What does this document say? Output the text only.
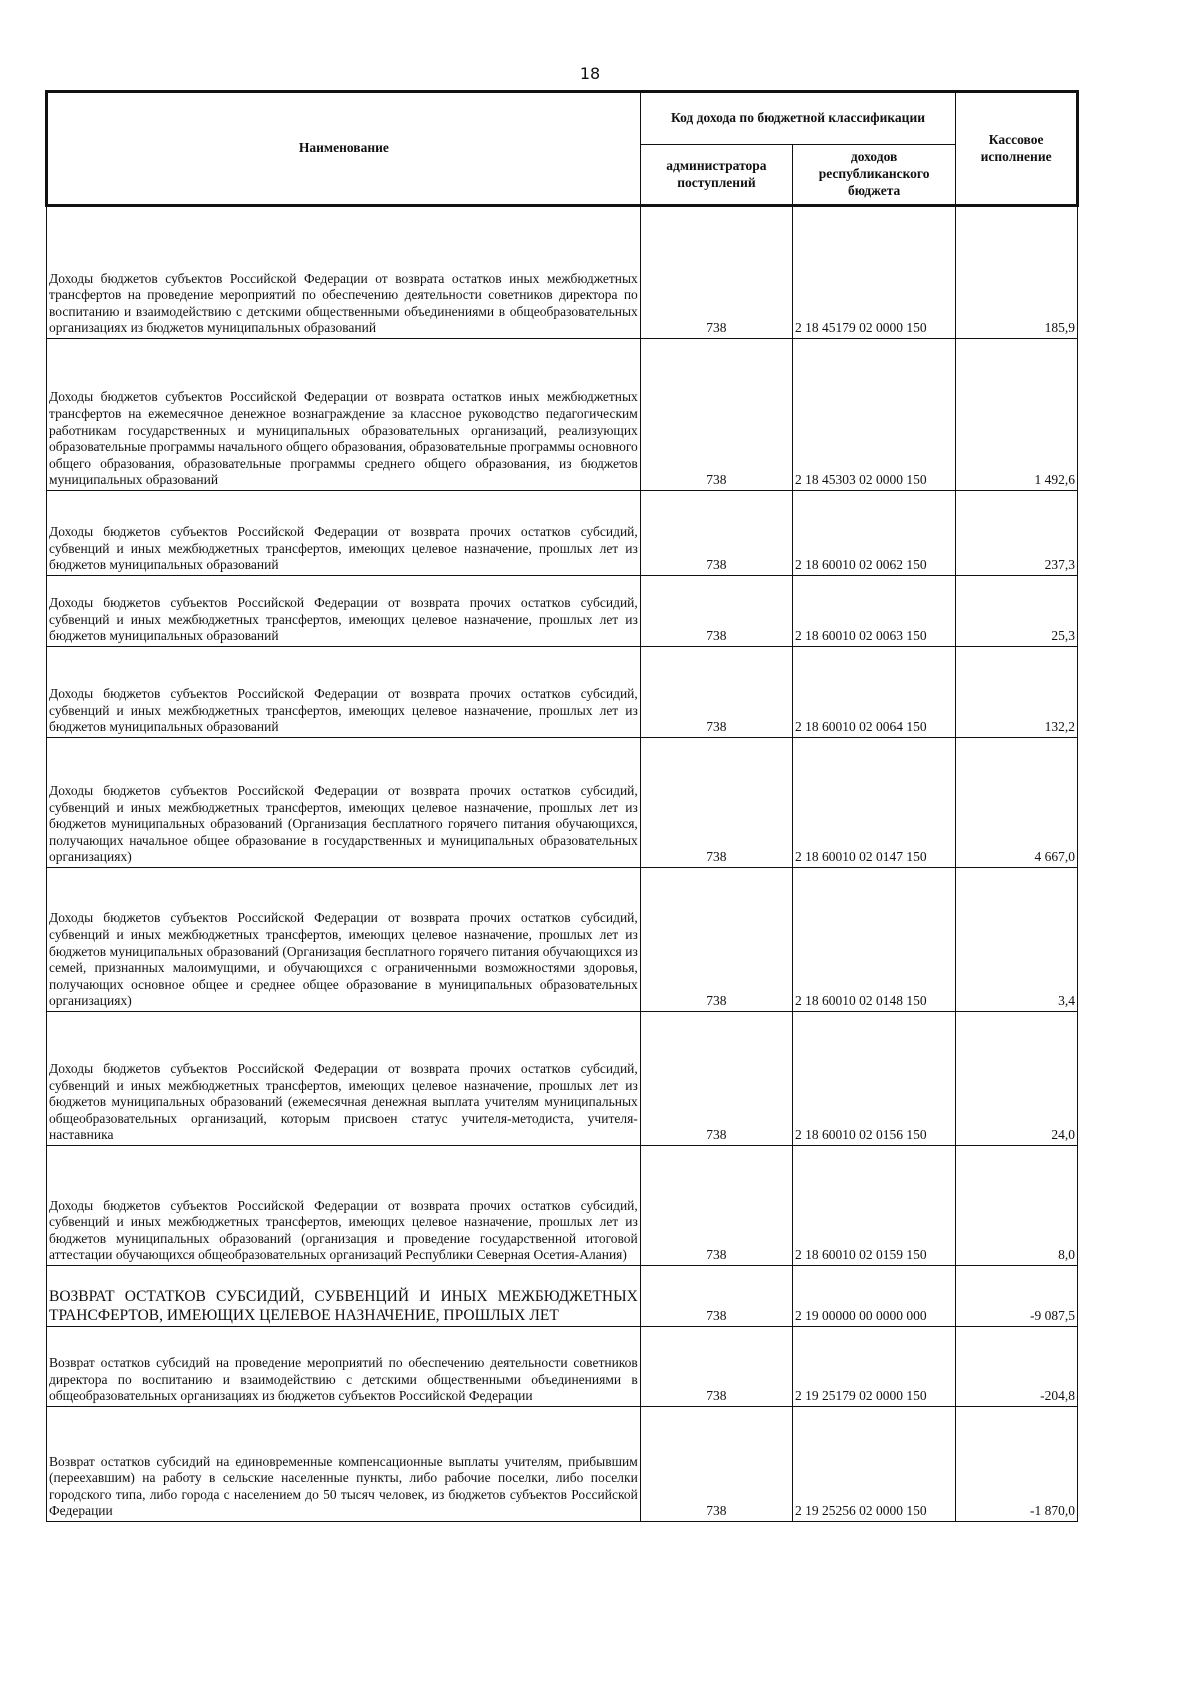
18
Наименование	Код дохода по бюджетной классификации		Кассовое исполнение
	администратора поступлений	доходов республиканского бюджета	
Доходы бюджетов субъектов Российской Федерации от возврата остатков иных межбюджетных трансфертов на проведение мероприятий по обеспечению деятельности советников директора по воспитанию и взаимодействию с детскими общественными объединениями в общеобразовательных организациях из бюджетов муниципальных образований	738	2 18 45179 02 0000 150	185,9
Доходы бюджетов субъектов Российской Федерации от возврата остатков иных межбюджетных трансфертов на ежемесячное денежное вознаграждение за классное руководство педагогическим работникам государственных и муниципальных образовательных организаций, реализующих образовательные программы начального общего образования, образовательные программы основного общего образования, образовательные программы среднего общего образования, из бюджетов муниципальных образований	738	2 18 45303 02 0000 150	1 492,6
Доходы бюджетов субъектов Российской Федерации от возврата прочих остатков субсидий, субвенций и иных межбюджетных трансфертов, имеющих целевое назначение, прошлых лет из бюджетов муниципальных образований	738	2 18 60010 02 0062 150	237,3
Доходы бюджетов субъектов Российской Федерации от возврата прочих остатков субсидий, субвенций и иных межбюджетных трансфертов, имеющих целевое назначение, прошлых лет из бюджетов муниципальных образований	738	2 18 60010 02 0063 150	25,3
Доходы бюджетов субъектов Российской Федерации от возврата прочих остатков субсидий, субвенций и иных межбюджетных трансфертов, имеющих целевое назначение, прошлых лет из бюджетов муниципальных образований	738	2 18 60010 02 0064 150	132,2
Доходы бюджетов субъектов Российской Федерации от возврата прочих остатков субсидий, субвенций и иных межбюджетных трансфертов, имеющих целевое назначение, прошлых лет из бюджетов муниципальных образований (Организация бесплатного горячего питания обучающихся, получающих начальное общее образование в государственных и муниципальных образовательных организациях)	738	2 18 60010 02 0147 150	4 667,0
Доходы бюджетов субъектов Российской Федерации от возврата прочих остатков субсидий, субвенций и иных межбюджетных трансфертов, имеющих целевое назначение, прошлых лет из бюджетов муниципальных образований (Организация бесплатного горячего питания обучающихся из семей, признанных малоимущими, и обучающихся с ограниченными возможностями здоровья, получающих основное общее и среднее общее образование в муниципальных образовательных организациях)	738	2 18 60010 02 0148 150	3,4
Доходы бюджетов субъектов Российской Федерации от возврата прочих остатков субсидий, субвенций и иных межбюджетных трансфертов, имеющих целевое назначение, прошлых лет из бюджетов муниципальных образований (ежемесячная денежная выплата учителям муниципальных общеобразовательных организаций, которым присвоен статус учителя-методиста, учителя-наставника	738	2 18 60010 02 0156 150	24,0
Доходы бюджетов субъектов Российской Федерации от возврата прочих остатков субсидий, субвенций и иных межбюджетных трансфертов, имеющих целевое назначение, прошлых лет из бюджетов муниципальных образований (организация и проведение государственной итоговой аттестации обучающихся общеобразовательных организаций Республики Северная Осетия-Алания)	738	2 18 60010 02 0159 150	8,0
ВОЗВРАТ ОСТАТКОВ СУБСИДИЙ, СУБВЕНЦИЙ И ИНЫХ МЕЖБЮДЖЕТНЫХ ТРАНСФЕРТОВ, ИМЕЮЩИХ ЦЕЛЕВОЕ НАЗНАЧЕНИЕ, ПРОШЛЫХ ЛЕТ	738	2 19 00000 00 0000 000	-9 087,5
Возврат остатков субсидий на проведение мероприятий по обеспечению деятельности советников директора по воспитанию и взаимодействию с детскими общественными объединениями в общеобразовательных организациях из бюджетов субъектов Российской Федерации	738	2 19 25179 02 0000 150	-204,8
Возврат остатков субсидий на единовременные компенсационные выплаты учителям, прибывшим (переехавшим) на работу в сельские населенные пункты, либо рабочие поселки, либо поселки городского типа, либо города с населением до 50 тысяч человек, из бюджетов субъектов Российской Федерации	738	2 19 25256 02 0000 150	-1 870,0
